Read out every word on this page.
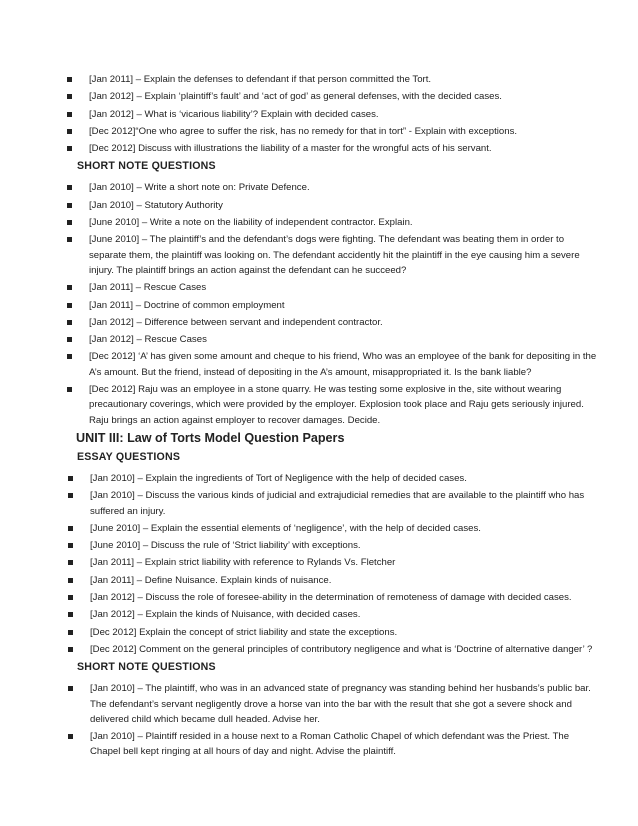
[Jan 2011] – Explain the defenses to defendant if that person committed the Tort.
[Jan 2012] – Explain ‘plaintiff’s fault’ and ‘act of god’ as general defenses, with the decided cases.
[Jan 2012] – What is ‘vicarious liability’? Explain with decided cases.
[Dec 2012]“One who agree to suffer the risk, has no remedy for that in tort” - Explain with exceptions.
[Dec 2012] Discuss with illustrations the liability of a master for the wrongful acts of his servant.
SHORT NOTE QUESTIONS
[Jan 2010] – Write a short note on: Private Defence.
[Jan 2010] – Statutory Authority
[June 2010] – Write a note on the liability of independent contractor. Explain.
[June 2010] – The plaintiff’s and the defendant’s dogs were fighting. The defendant was beating them in order to separate them, the plaintiff was looking on. The defendant accidently hit the plaintiff in the eye causing him a severe injury. The plaintiff brings an action against the defendant can he succeed?
[Jan 2011] – Rescue Cases
[Jan 2011] – Doctrine of common employment
[Jan 2012] – Difference between servant and independent contractor.
[Jan 2012] – Rescue Cases
[Dec 2012] ‘A’ has given some amount and cheque to his friend, Who was an employee of the bank for depositing in the A’s amount. But the friend, instead of depositing in the A’s amount, misappropriated it. Is the bank liable?
[Dec 2012] Raju was an employee in a stone quarry. He was testing some explosive in the, site without wearing precautionary coverings, which were provided by the employer. Explosion took place and Raju gets seriously injured. Raju brings an action against employer to recover damages. Decide.
UNIT III: Law of Torts Model Question Papers
ESSAY QUESTIONS
[Jan 2010] – Explain the ingredients of Tort of Negligence with the help of decided cases.
[Jan 2010] – Discuss the various kinds of judicial and extrajudicial remedies that are available to the plaintiff who has suffered an injury.
[June 2010] – Explain the essential elements of ‘negligence’, with the help of decided cases.
[June 2010] – Discuss the rule of ‘Strict liability’ with exceptions.
[Jan 2011] – Explain strict liability with reference to Rylands Vs. Fletcher
[Jan 2011] – Define Nuisance. Explain kinds of nuisance.
[Jan 2012] – Discuss the role of foresee-ability in the determination of remoteness of damage with decided cases.
[Jan 2012] – Explain the kinds of Nuisance, with decided cases.
[Dec 2012] Explain the concept of strict liability and state the exceptions.
[Dec 2012] Comment on the general principles of contributory negligence and what is ‘Doctrine of alternative danger’ ?
SHORT NOTE QUESTIONS
[Jan 2010] – The plaintiff, who was in an advanced state of pregnancy was standing behind her husbands’s public bar. The defendant’s servant negligently drove a horse van into the bar with the result that she got a severe shock and delivered child which became dull headed. Advise her.
[Jan 2010] – Plaintiff resided in a house next to a Roman Catholic Chapel of which defendant was the Priest. The Chapel bell kept ringing at all hours of day and night. Advise the plaintiff.
